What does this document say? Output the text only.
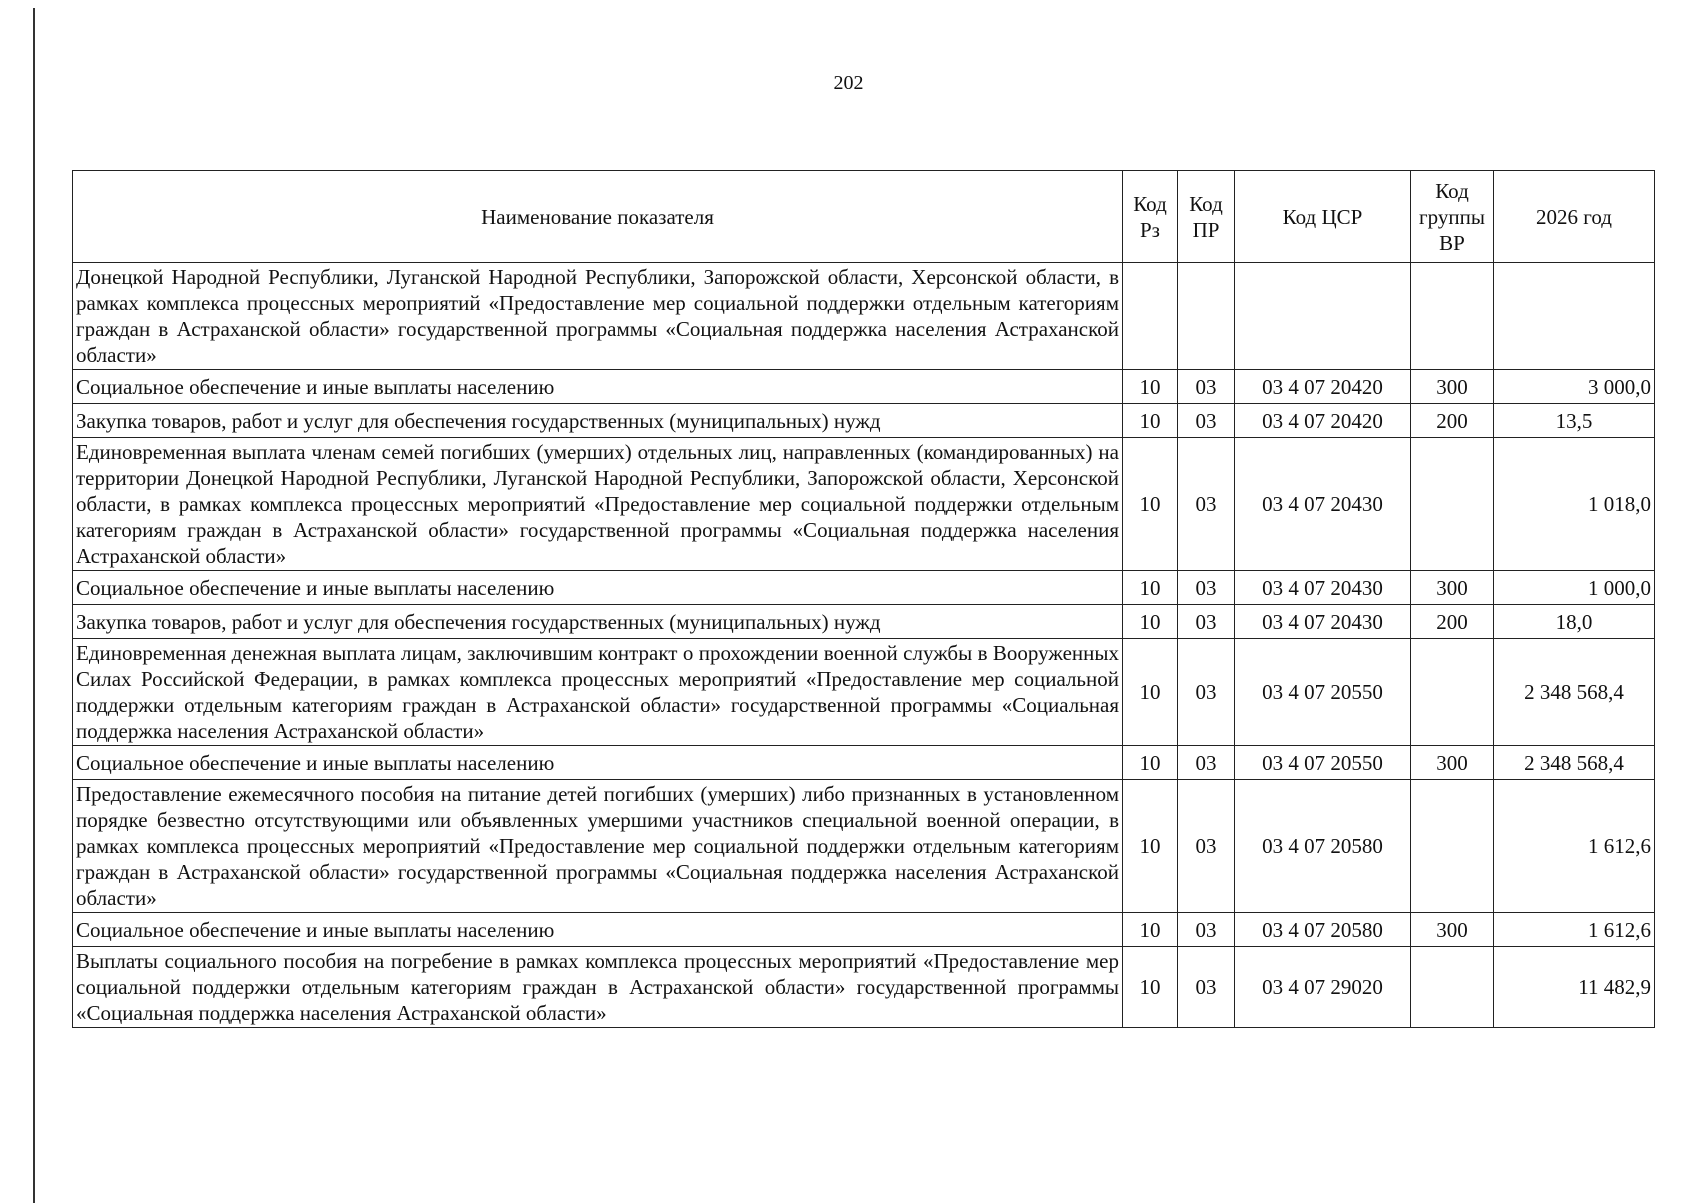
202
Наименование показателя	Код Рз	Код ПР	Код ЦСР	Код группы ВР	2026 год
Донецкой Народной Республики, Луганской Народной Республики, Запорожской области, Херсонской области, в рамках комплекса процессных мероприятий «Предоставление мер социальной поддержки отдельным категориям граждан в Астраханской области» государственной программы «Социальная поддержка населения Астраханской области»					
Социальное обеспечение и иные выплаты населению	10	03	03 4 07 20420	300	3 000,0
Закупка товаров, работ и услуг для обеспечения государственных (муниципальных) нужд	10	03	03 4 07 20420	200	13,5
Единовременная выплата членам семей погибших (умерших) отдельных лиц, направленных (командированных) на территории Донецкой Народной Республики, Луганской Народной Республики, Запорожской области, Херсонской области, в рамках комплекса процессных мероприятий «Предоставление мер социальной поддержки отдельным категориям граждан в Астраханской области» государственной программы «Социальная поддержка населения Астраханской области»	10	03	03 4 07 20430		1 018,0
Социальное обеспечение и иные выплаты населению	10	03	03 4 07 20430	300	1 000,0
Закупка товаров, работ и услуг для обеспечения государственных (муниципальных) нужд	10	03	03 4 07 20430	200	18,0
Единовременная денежная выплата лицам, заключившим контракт о прохождении военной службы в Вооруженных Силах Российской Федерации, в рамках комплекса процессных мероприятий «Предоставление мер социальной поддержки отдельным категориям граждан в Астраханской области» государственной программы «Социальная поддержка населения Астраханской области»	10	03	03 4 07 20550		2 348 568,4
Социальное обеспечение и иные выплаты населению	10	03	03 4 07 20550	300	2 348 568,4
Предоставление ежемесячного пособия на питание детей погибших (умерших) либо признанных в установленном порядке безвестно отсутствующими или объявленных умершими участников специальной военной операции, в рамках комплекса процессных мероприятий «Предоставление мер социальной поддержки отдельным категориям граждан в Астраханской области» государственной программы «Социальная поддержка населения Астраханской области»	10	03	03 4 07 20580		1 612,6
Социальное обеспечение и иные выплаты населению	10	03	03 4 07 20580	300	1 612,6
Выплаты социального пособия на погребение в рамках комплекса процессных мероприятий «Предоставление мер социальной поддержки отдельным категориям граждан в Астраханской области» государственной программы «Социальная поддержка населения Астраханской области»	10	03	03 4 07 29020		11 482,9
